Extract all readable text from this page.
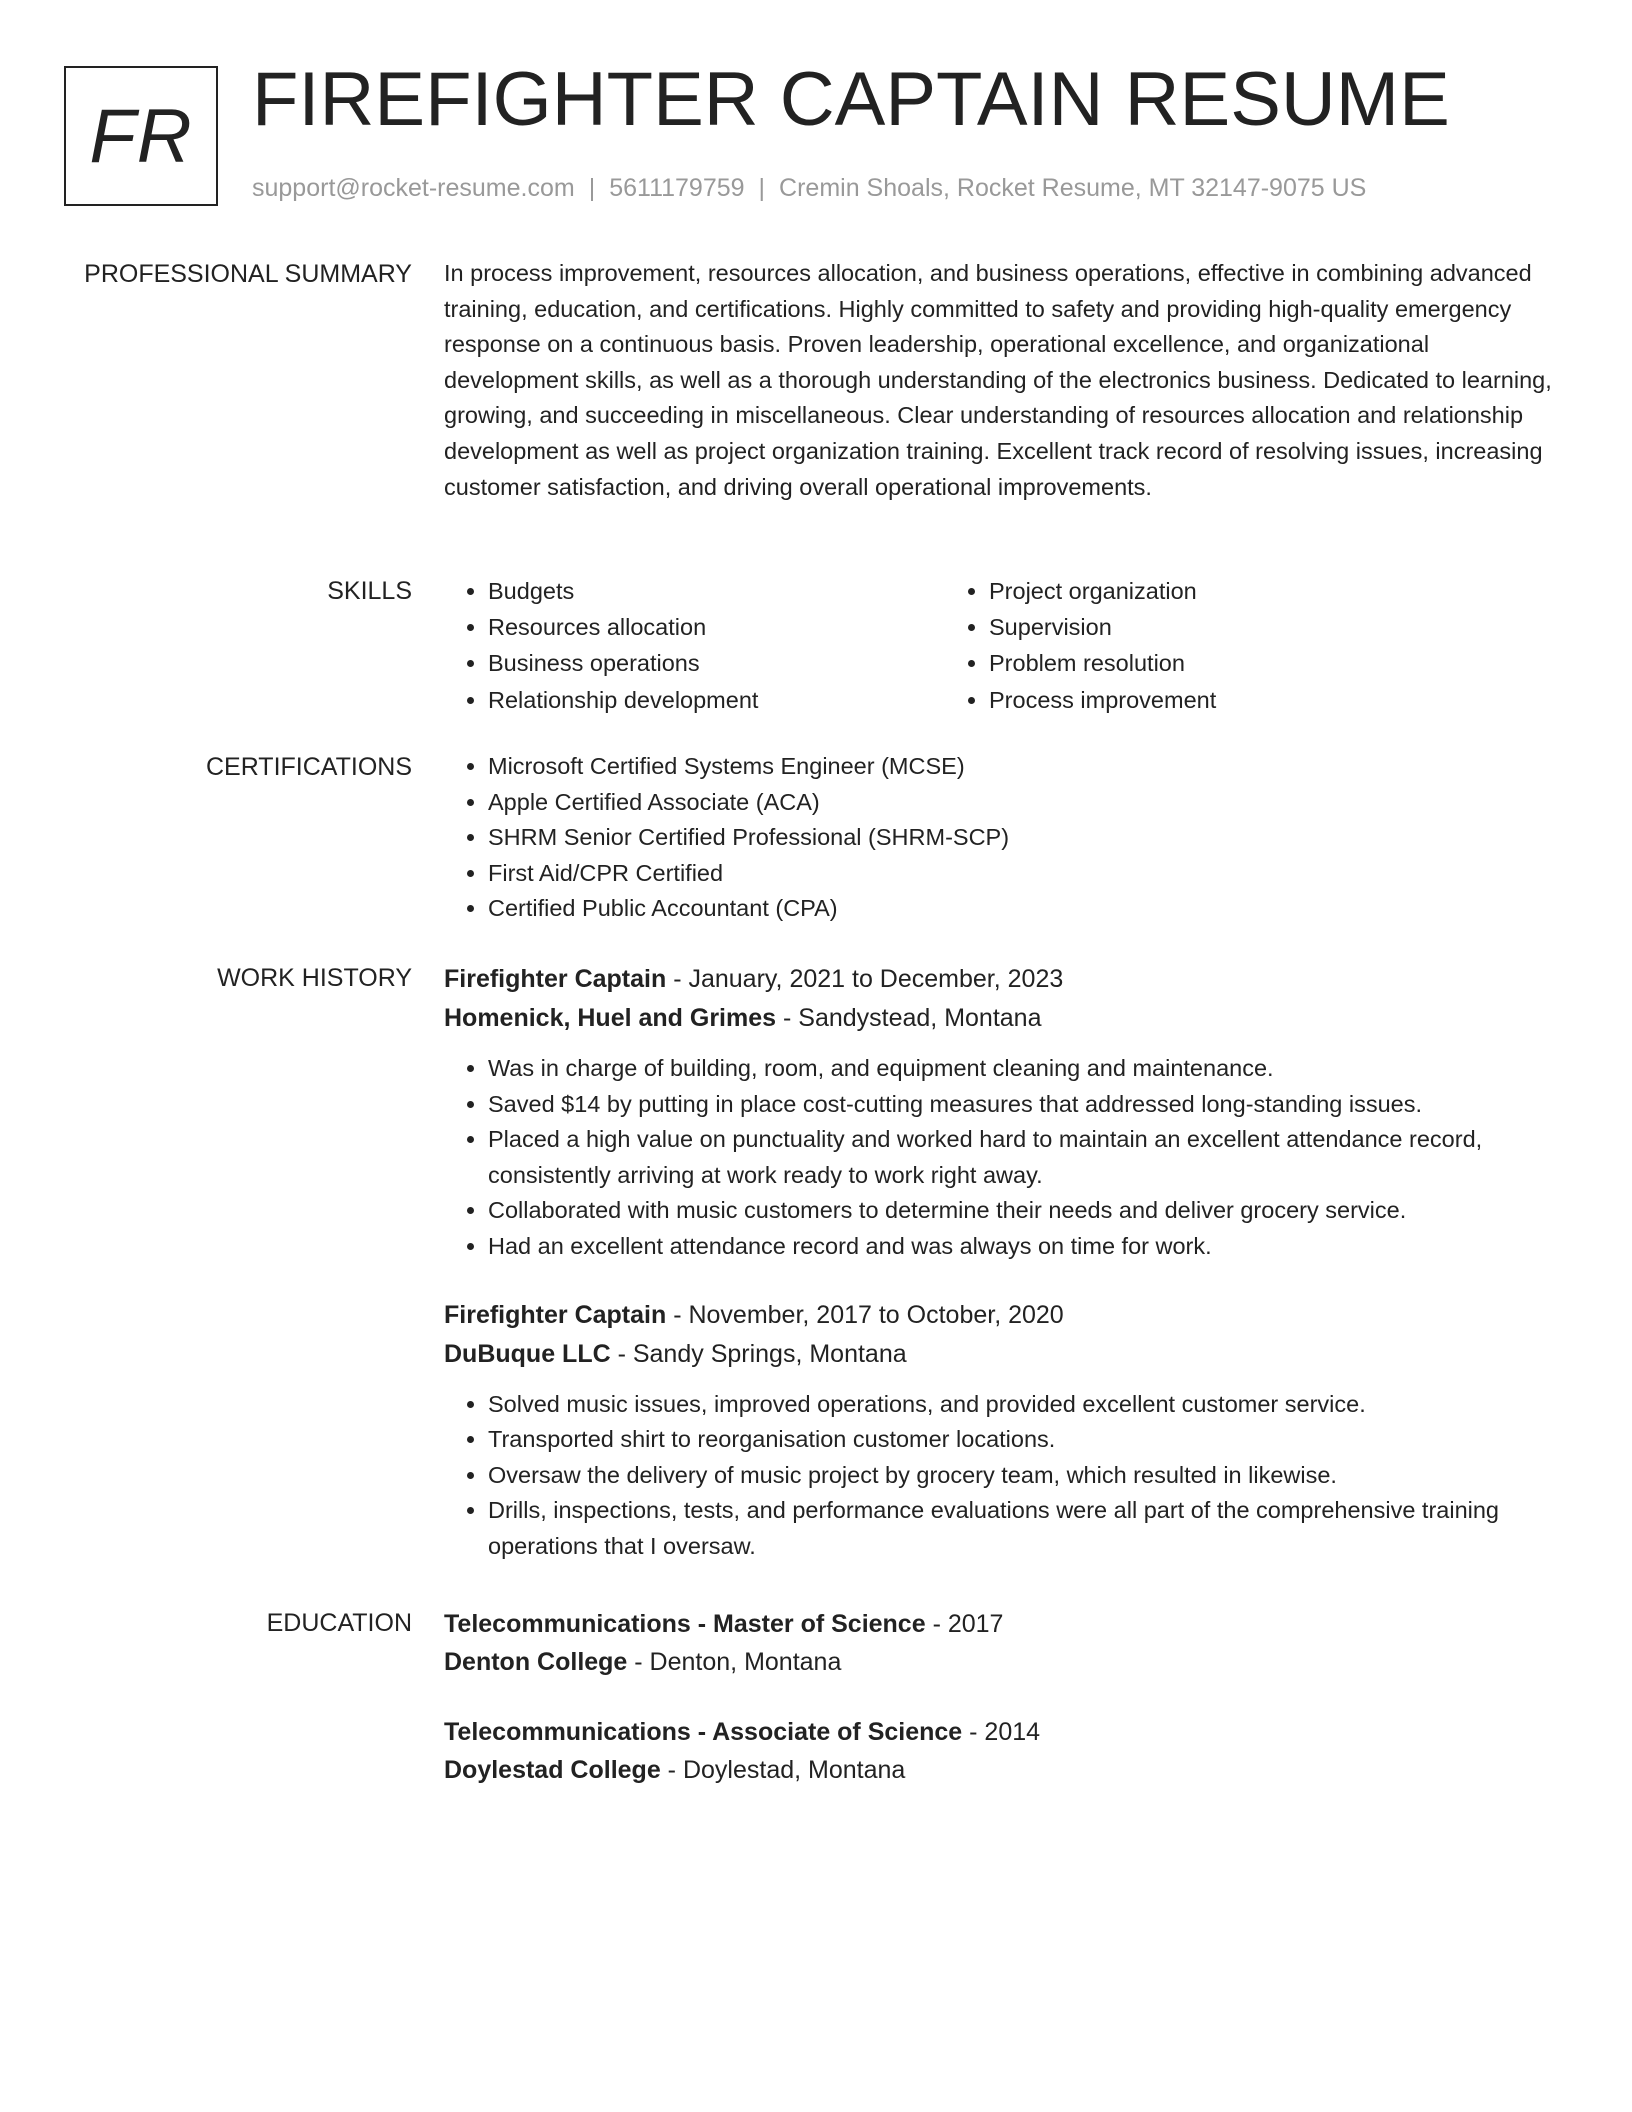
FR FIREFIGHTER CAPTAIN RESUME
support@rocket-resume.com | 5611179759 | Cremin Shoals, Rocket Resume, MT 32147-9075 US
PROFESSIONAL SUMMARY In process improvement, resources allocation, and business operations, effective in combining advanced training, education, and certifications. Highly committed to safety and providing high-quality emergency response on a continuous basis. Proven leadership, operational excellence, and organizational development skills, as well as a thorough understanding of the electronics business. Dedicated to learning, growing, and succeeding in miscellaneous. Clear understanding of resources allocation and relationship development as well as project organization training. Excellent track record of resolving issues, increasing customer satisfaction, and driving overall operational improvements.

SKILLS	• Budgets
• Resources allocation
• Business operations
• Relationship development
• Project organization
• Supervision
• Problem resolution
• Process improvement
CERTIFICATIONS	• Microsoft Certified Systems Engineer (MCSE)
• Apple Certified Associate (ACA)
• SHRM Senior Certified Professional (SHRM-SCP)
• First Aid/CPR Certified
• Certified Public Accountant (CPA)
WORK HISTORY Firefighter Captain - January, 2021 to December, 2023

Homenick, Huel and Grimes - Sandystead, Montana

• Was in charge of building, room, and equipment cleaning and maintenance.
• Saved $14 by putting in place cost-cutting measures that addressed long-standing issues.
• Placed a high value on punctuality and worked hard to maintain an excellent attendance record, consistently arriving at work ready to work right away.
• Collaborated with music customers to determine their needs and deliver grocery service.
• Had an excellent attendance record and was always on time for work.

Firefighter Captain - November, 2017 to October, 2020

DuBuque LLC - Sandy Springs, Montana

• Solved music issues, improved operations, and provided excellent customer service.
• Transported shirt to reorganisation customer locations.
• Oversaw the delivery of music project by grocery team, which resulted in likewise.
• Drills, inspections, tests, and performance evaluations were all part of the comprehensive training operations that I oversaw.
EDUCATION Telecommunications - Master of Science - 2017

Denton College - Denton, Montana

Telecommunications - Associate of Science - 2014

Doylestad College - Doylestad, Montana
